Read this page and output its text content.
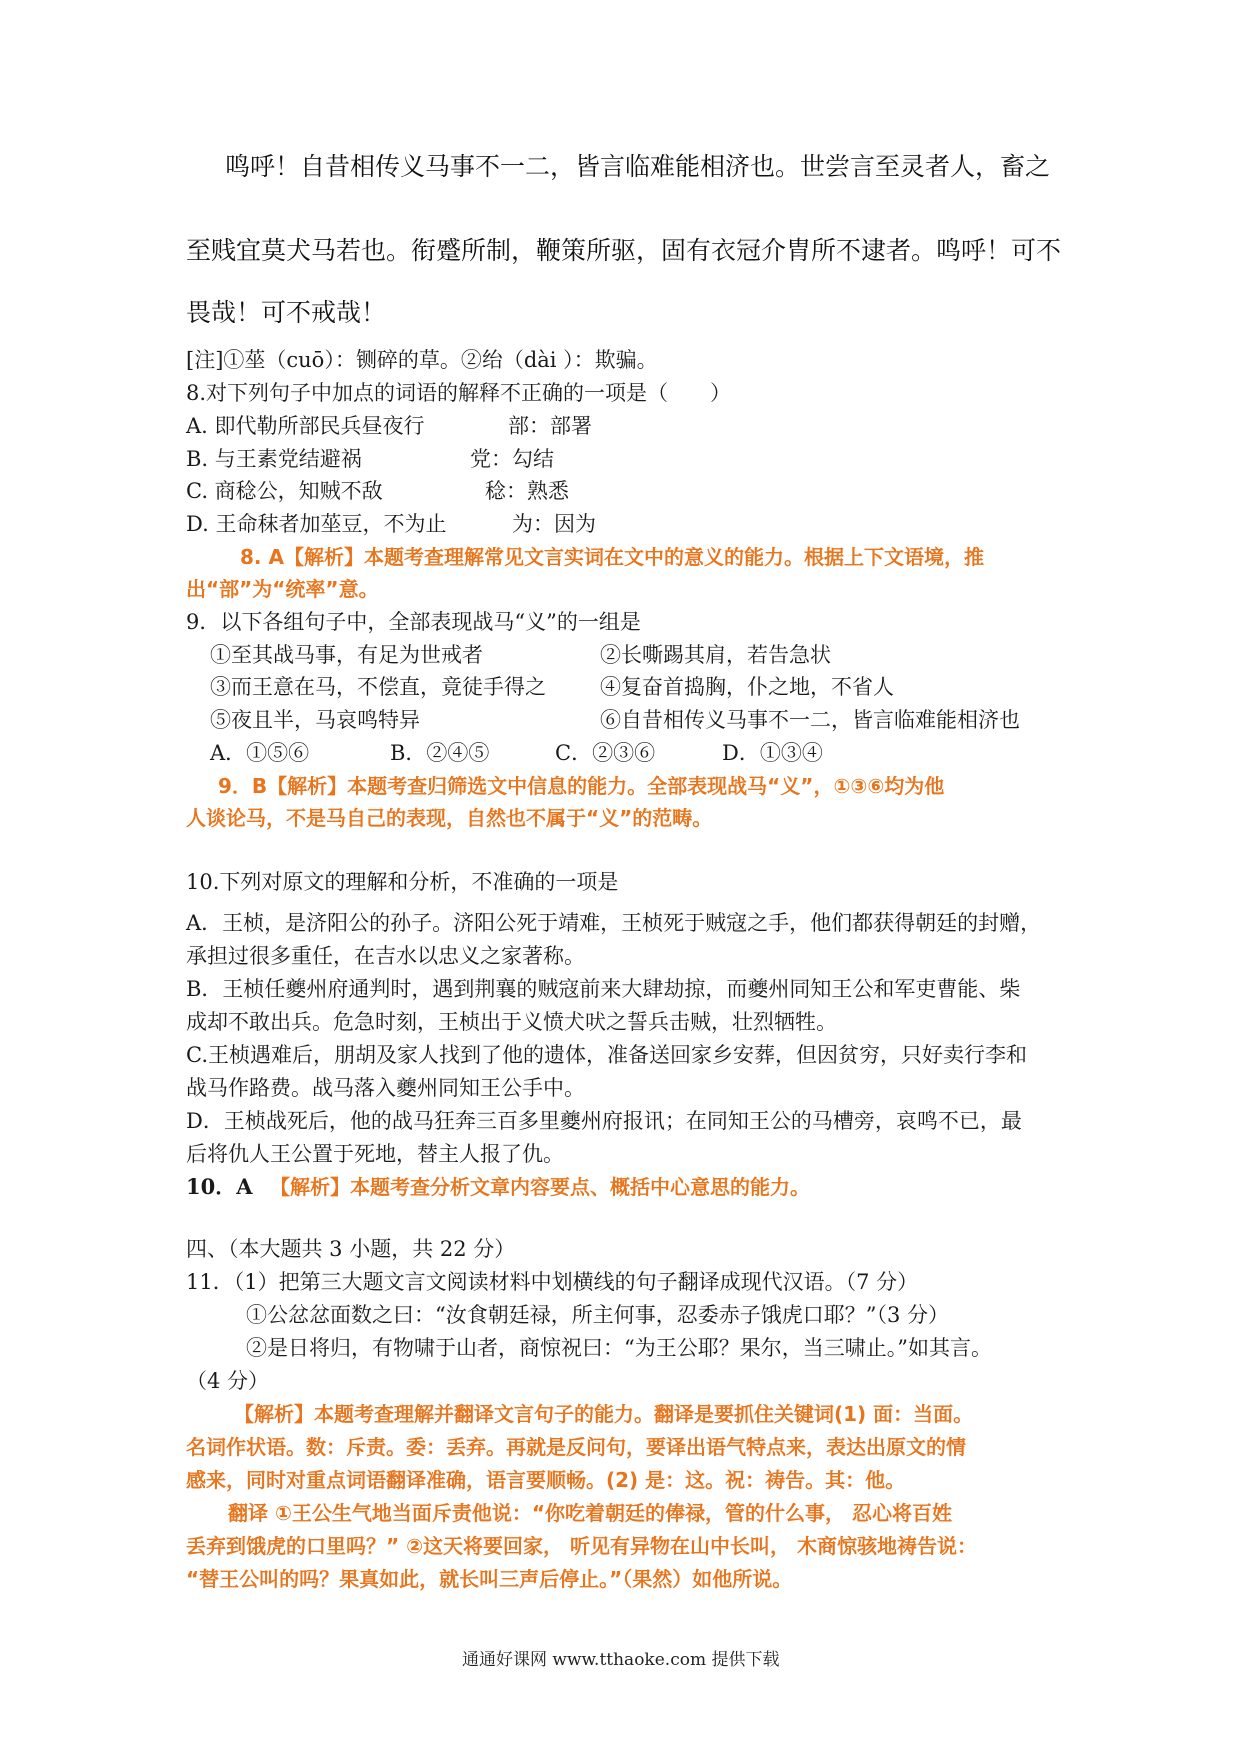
鸣呼！自昔相传义马事不一二，皆言临难能相济也。世尝言至灵者人，畜之
至贱宜莫犬马若也。衔蹙所制，鞭策所驱，固有衣冠介胄所不逮者。鸣呼！可不
畏哉！可不戒哉！
[注]①莝（cuō）：铡碎的草。②绐（dài ）：欺骗。
8.对下列句子中加点的词语的解释不正确的一项是（　　）
A. 即代勒所部民兵昼夜行	部：部署
B. 与王素党结避祸	党：勾结
C. 商稔公，知贼不敌	稔：熟悉
D. 王命秣者加莝豆，不为止	为：因为
8. A【解析】本题考查理解常见文言实词在文中的意义的能力。根据上下文语境，推
出“部”为“统率”意。
9．以下各组句子中，全部表现战马“义”的一组是
①至其战马事，有足为世戒者	②长嘶踢其肩，若告急状
③而王意在马，不偿直，竟徒手得之	④复奋首捣胸，仆之地，不省人
⑤夜且半，马哀鸣特异	⑥自昔相传义马事不一二，皆言临难能相济也
A．①⑤⑥	B．②④⑤	C．②③⑥	D．①③④
9．B【解析】本题考查归筛选文中信息的能力。全部表现战马“义”，①③⑥均为他
人谈论马，不是马自己的表现，自然也不属于“义”的范畴。
10.下列对原文的理解和分析，不准确的一项是
A．王桢，是济阳公的孙子。济阳公死于靖难，王桢死于贼寇之手，他们都获得朝廷的封赠，
承担过很多重任，在吉水以忠义之家著称。
B．王桢任夔州府通判时，遇到荆襄的贼寇前来大肆劫掠，而夔州同知王公和军吏曹能、柴
成却不敢出兵。危急时刻，王桢出于义愤犬吠之誓兵击贼，壮烈牺牲。
C.王桢遇难后，朋胡及家人找到了他的遗体，准备送回家乡安葬，但因贫穷，只好卖行李和
战马作路费。战马落入夔州同知王公手中。
D．王桢战死后，他的战马狂奔三百多里夔州府报讯；在同知王公的马槽旁，哀鸣不已，最
后将仇人王公置于死地，替主人报了仇。
10．A 【解析】本题考查分析文章内容要点、概括中心意思的能力。
四、（本大题共 3 小题，共 22 分）
11．（1）把第三大题文言文阅读材料中划横线的句子翻译成现代汉语。（7 分）
①公忿忿面数之曰：“汝食朝廷禄，所主何事，忍委赤子饿虎口耶？”（3 分）
②是日将归，有物啸于山者，商惊祝曰：“为王公耶？果尔，当三啸止。”如其言。
（4 分）
【解析】本题考查理解并翻译文言句子的能力。翻译是要抓住关键词(1) 面：当面。
名词作状语。数：斥责。委：丢弃。再就是反问句，要译出语气特点来，表达出原文的情
感来，同时对重点词语翻译准确，语言要顺畅。(2) 是：这。祝：祷告。其：他。
翻译 ①王公生气地当面斥责他说：“你吃着朝廷的俸禄，管的什么事， 忍心将百姓
丢弃到饿虎的口里吗？” ②这天将要回家， 听见有异物在山中长叫， 木商惊骇地祷告说：
“替王公叫的吗？果真如此，就长叫三声后停止。”（果然）如他所说。
通通好课网 www.tthaoke.com 提供下载
